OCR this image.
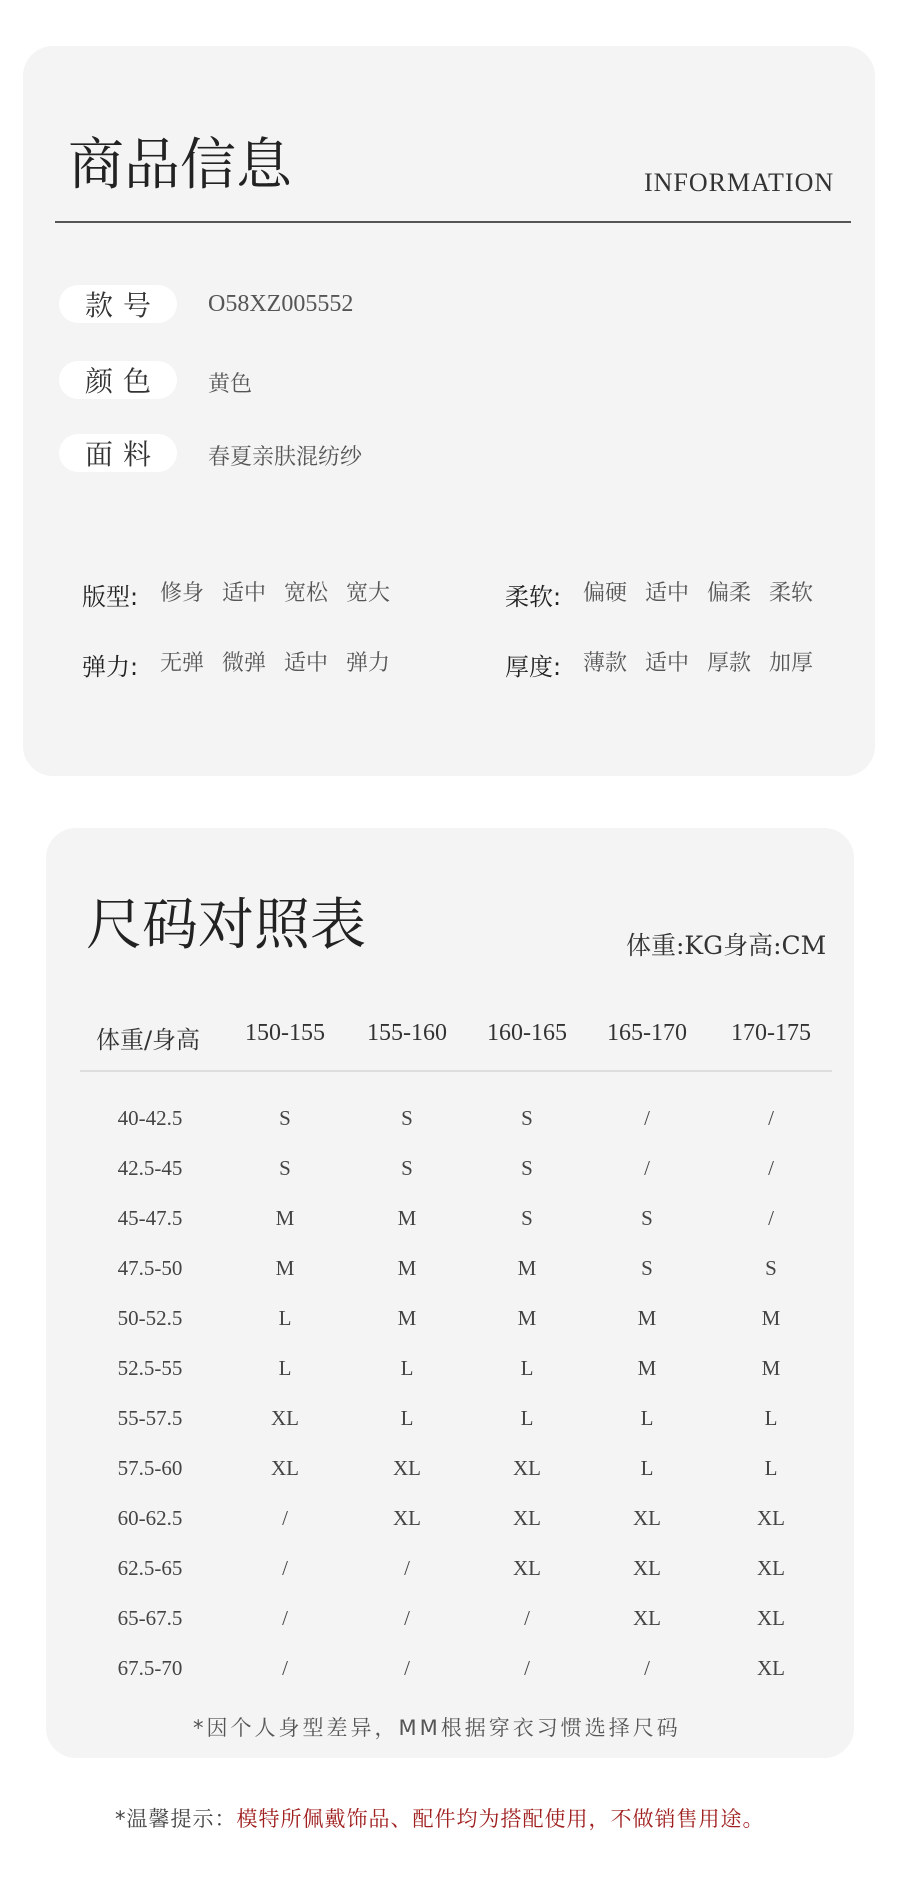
商品信息	INFORMATION
款号	O58XZ005552
颜色	黄色
面料	春夏亲肤混纺纱
版型: 修身 适中 宽松 宽大	柔软: 偏硬 适中 偏柔 柔软
弹力: 无弹 微弹 适中 弹力	厚度: 薄款 适中 厚款 加厚
尺码对照表	体重:KG身高:CM
体重/身高	150-155	155-160	160-165	165-170	170-175
40-42.5	S	S	S	/	/
42.5-45	S	S	S	/	/
45-47.5	M	M	S	S	/
47.5-50	M	M	M	S	S
50-52.5	L	M	M	M	M
52.5-55	L	L	L	M	M
55-57.5	XL	L	L	L	L
57.5-60	XL	XL	XL	L	L
60-62.5	/	XL	XL	XL	XL
62.5-65	/	/	XL	XL	XL
65-67.5	/	/	/	XL	XL
67.5-70	/	/	/	/	XL
*因个人身型差异，MM根据穿衣习惯选择尺码
*温馨提示：模特所佩戴饰品、配件均为搭配使用，不做销售用途。
